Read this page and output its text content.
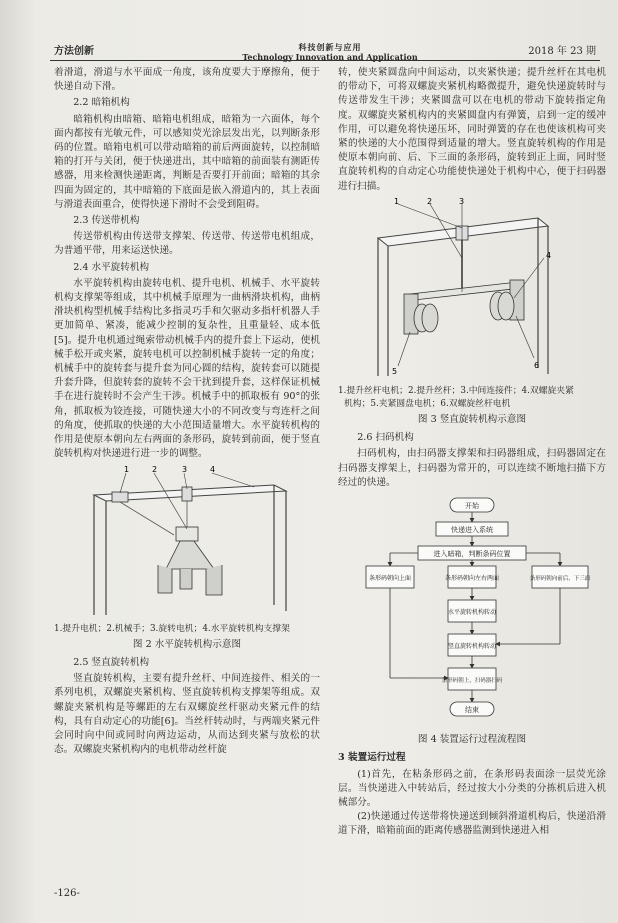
方法创新	科技创新与应用
Technology Innovation and Application	2018 年 23 期

着滑道，滑道与水平面成一角度，该角度要大于摩擦角，便于快递自动下滑。

2.2 暗箱机构

暗箱机构由暗箱、暗箱电机组成，暗箱为一六面体，每个面内都按有光敏元件，可以感知荧光涂层发出光，以判断条形码的位置。暗箱电机可以带动暗箱的前后两面旋转，以控制暗箱的打开与关闭，便于快递进出，其中暗箱的前面装有测距传感器，用来检测快递距离，判断是否要打开前面；暗箱的其余四面为固定的，其中暗箱的下底面是嵌入滑道内的，其上表面与滑道表面重合，使得快递下滑时不会受到阻碍。

2.3 传送带机构

传送带机构由传送带支撑架、传送带、传送带电机组成，为普通平带，用来运送快递。

2.4 水平旋转机构

水平旋转机构由旋转电机、提升电机、机械手、水平旋转机构支撑架等组成，其中机械手原理为一曲柄滑块机构，曲柄滑块机构型机械手结构比多指灵巧手和欠驱动多指杆机器人手更加简单、紧凑，能减少控制的复杂性，且重量轻、成本低[5]。提升电机通过绳索带动机械手内的提升套上下运动，使机械手松开或夹紧，旋转电机可以控制机械手旋转一定的角度；机械手中的旋转套与提升套为同心圆的结构，旋转套可以随提升套升降，但旋转套的旋转不会干扰到提升套，这样保证机械手在进行旋转时不会产生干涉。机械手中的抓取板有 90°的张角，抓取板为铰连接，可随快递大小的不同改变与弯连杆之间的角度，使抓取的快递的大小范围适量增大。水平旋转机构的作用是使原本朝向左右两面的条形码，旋转到前面，便于竖直旋转机构对快递进行进一步的调整。

1	2	3	4
1.提升电机；2.机械手；3.旋转电机；4.水平旋转机构支撑架
图 2 水平旋转机构示意图
2.5 竖直旋转机构

竖直旋转机构，主要有提升丝杆、中间连接件、相关的一系列电机，双螺旋夹紧机构、竖直旋转机构支撑架等组成。双螺旋夹紧机构是等螺距的左右双螺旋丝杆驱动夹紧元件的结构，具有自动定心的功能[6]。当丝杆转动时，与两端夹紧元件会同时向中间或同时向两边运动，从而达到夹紧与放松的状态。双螺旋夹紧机构内的电机带动丝杆旋

转，使夹紧圆盘向中间运动，以夹紧快递；提升丝杆在其电机的带动下，可将双螺旋夹紧机构略微提升，避免快递旋转时与传送带发生干涉；夹紧圆盘可以在电机的带动下旋转指定角度。双螺旋夹紧机构内的夹紧圆盘内有弹簧，启到一定的缓冲作用，可以避免将快递压坏，同时弹簧的存在也使该机构可夹紧的快递的大小范围得到适量的增大。竖直旋转机构的作用是使原本朝向前、后、下三面的条形码，旋转到正上面，同时竖直旋转机构的自动定心功能使快递处于机构中心，便于扫码器进行扫描。

1	2	3
4
5
6
1.提升丝杆电机；2.提升丝杆；3.中间连接件；4.双螺旋夹紧
机构；5.夹紧圆盘电机；6.双螺旋丝杆电机
图 3 竖直旋转机构示意图
2.6 扫码机构

扫码机构，由扫码器支撑架和扫码器组成，扫码器固定在扫码器支撑架上，扫码器为常开的，可以连续不断地扫描下方经过的快递。

开始
快递进入系统
进入暗箱，判断条码位置
条形码朝向上面	条形码朝向左右两面	条形码朝向前后、下三面
水平旋转机构转动
竖直旋转机构转动
条形码朝上，扫码器扫码
结束
图 4 装置运行过程流程图
3 装置运行过程

(1)首先，在粘条形码之前，在条形码表面涂一层荧光涂层。当快递进入中转站后，经过按大小分类的分拣机后进入机械部分。

(2)快递通过传送带将快递送到倾斜滑道机构后，快递沿滑道下滑，暗箱前面的距离传感器监测到快递进入相

-126-
